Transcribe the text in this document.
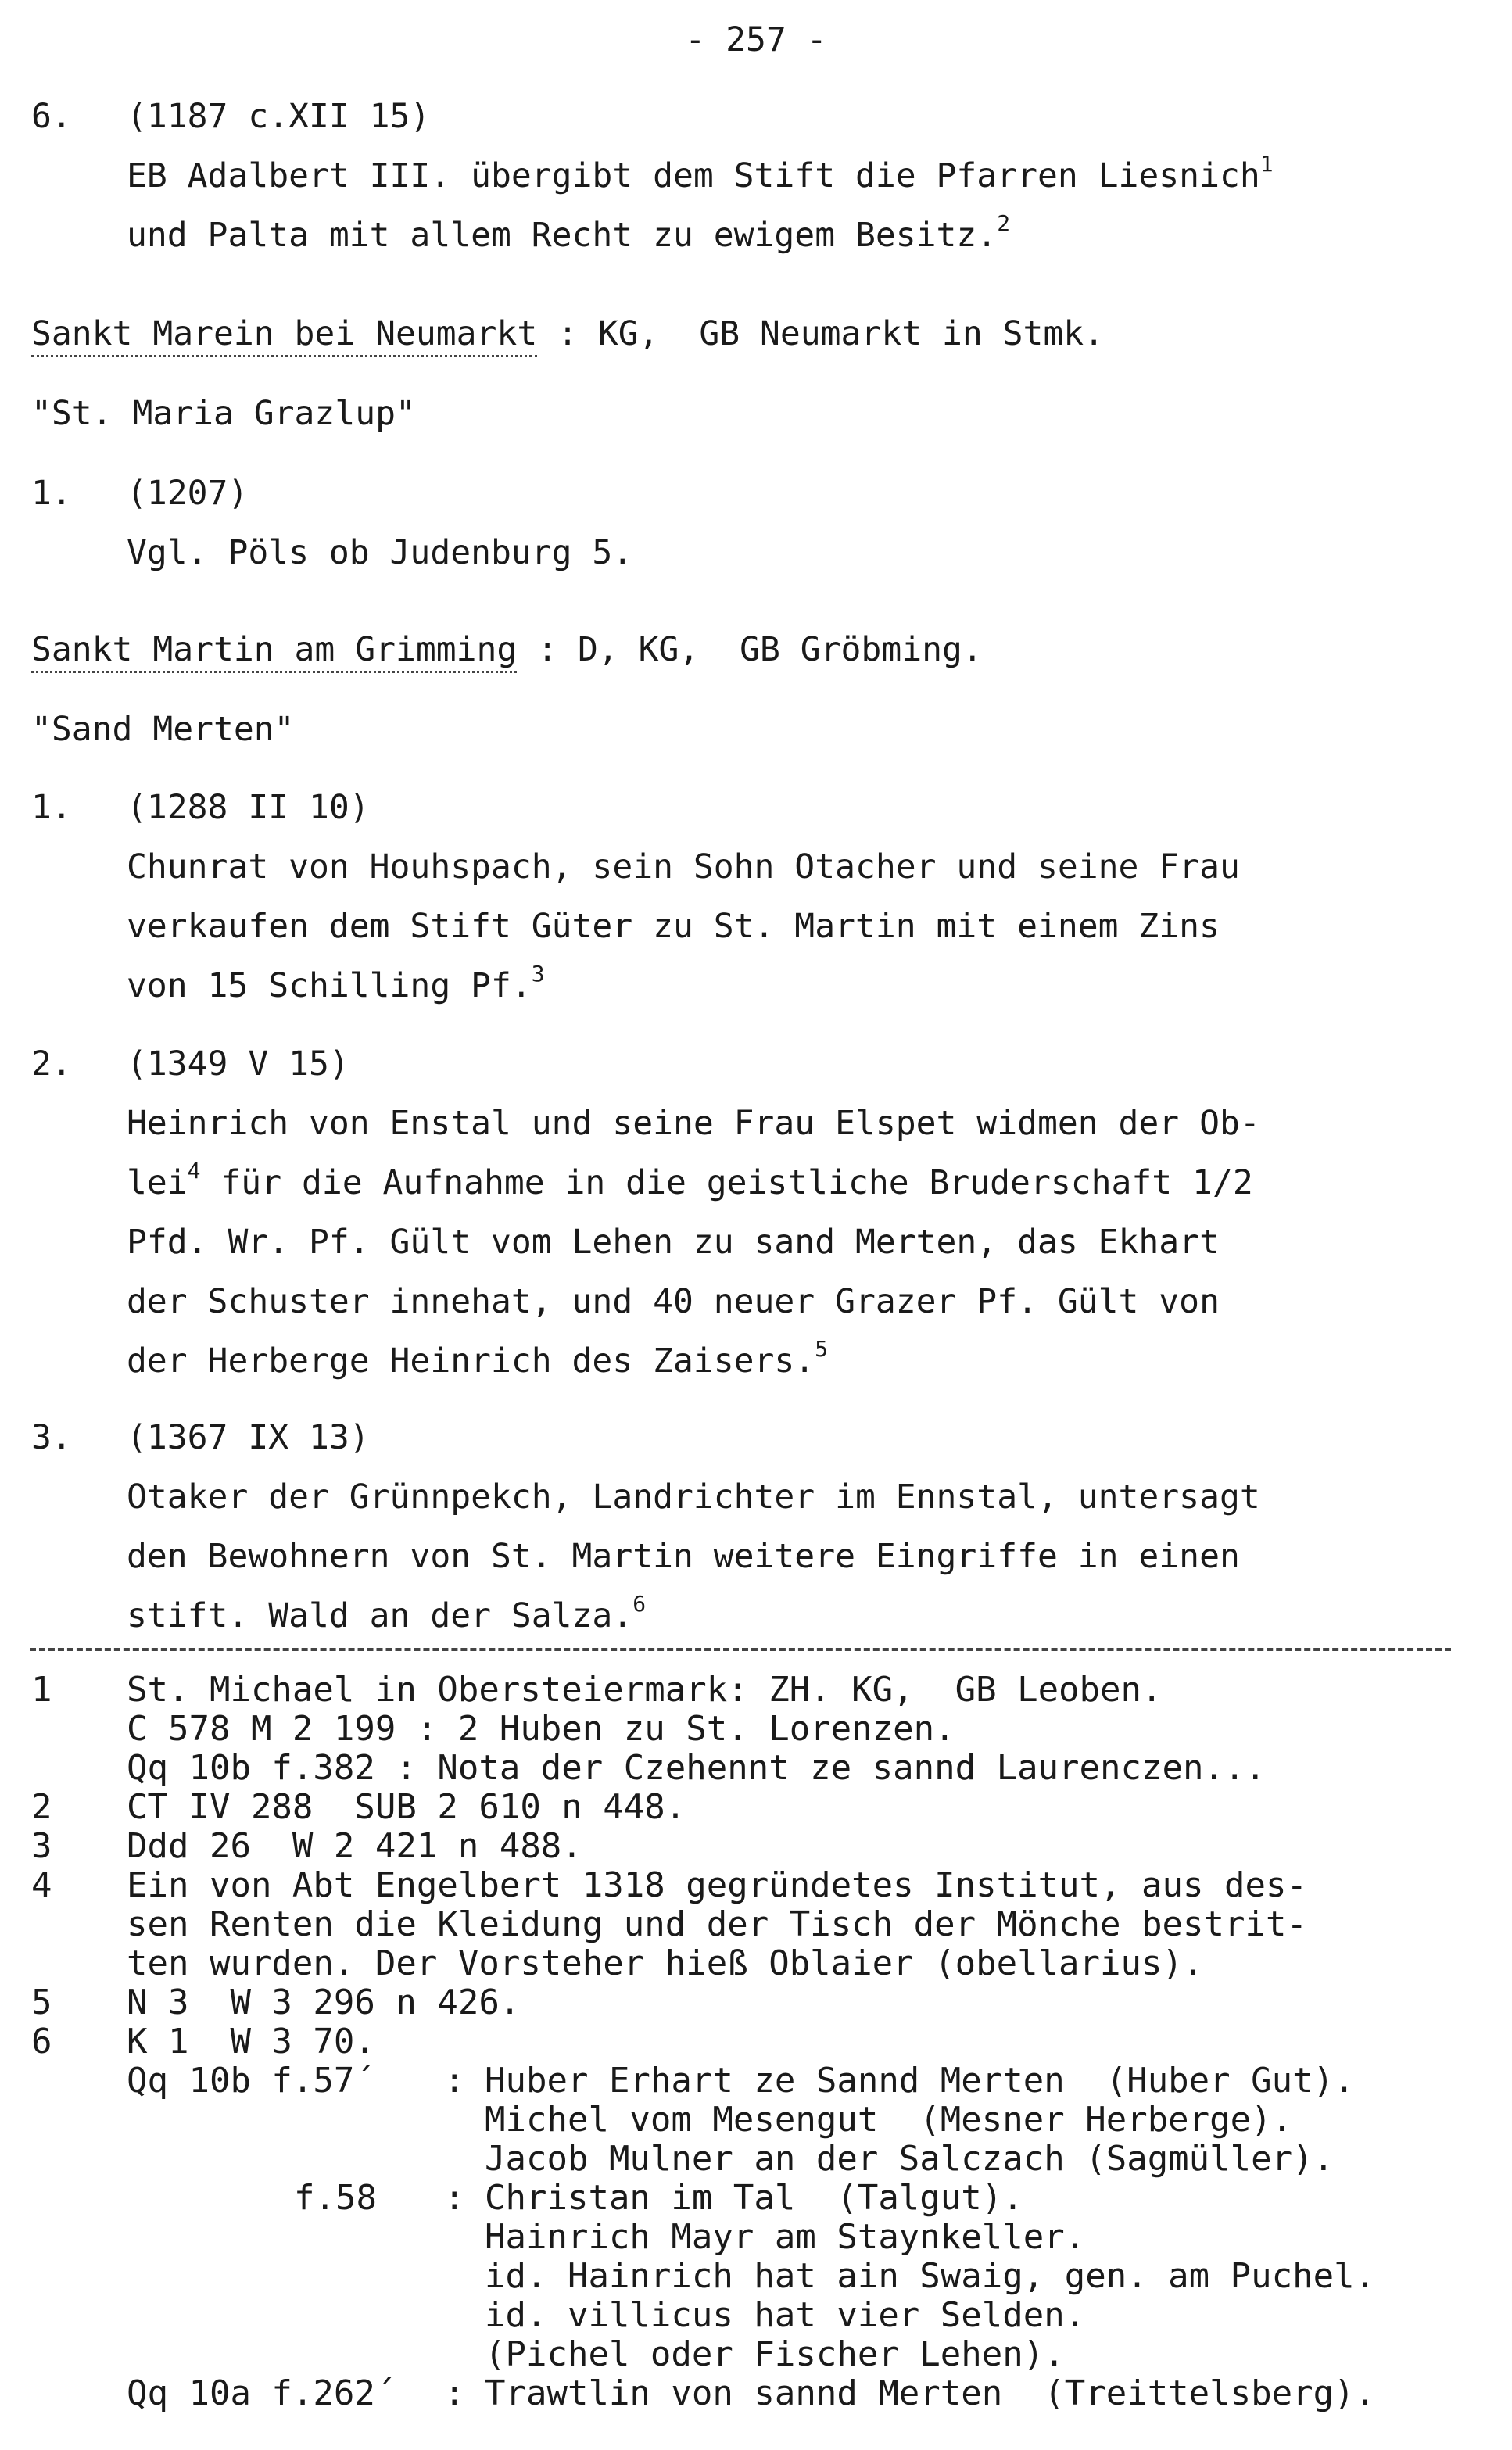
- 257 -
6. (1187 c.XII 15)
EB Adalbert III. übergibt dem Stift die Pfarren Liesnich$^1$
und Palta mit allem Recht zu ewigem Besitz.$^2$
Sankt Marein bei Neumarkt : KG,  GB Neumarkt in Stmk.
"St. Maria Grazlup"
1. (1207)
Vgl. Pöls ob Judenburg 5.
Sankt Martin am Grimming : D, KG,  GB Gröbming.
"Sand Merten"
1. (1288 II 10)
Chunrat von Houhspach, sein Sohn Otacher und seine Frau
verkaufen dem Stift Güter zu St. Martin mit einem Zins
von 15 Schilling Pf.$^3$
2. (1349 V 15)
Heinrich von Enstal und seine Frau Elspet widmen der Ob-
lei$^4$ für die Aufnahme in die geistliche Bruderschaft 1/2
Pfd. Wr. Pf. Gült vom Lehen zu sand Merten, das Ekhart
der Schuster innehat, und 40 neuer Grazer Pf. Gült von
der Herberge Heinrich des Zaisers.$^5$
3. (1367 IX 13)
Otaker der Grünnpekch, Landrichter im Ennstal, untersagt
den Bewohnern von St. Martin weitere Eingriffe in einen
stift. Wald an der Salza.$^6$
1 St. Michael in Obersteiermark: ZH. KG,  GB Leoben.
C 578 M 2 199 : 2 Huben zu St. Lorenzen.
Qq 10b f.382 : Nota der Czehennt ze sannd Laurenczen...
2 CT IV 288  SUB 2 610 n 448.
3 Ddd 26  W 2 421 n 488.
4 Ein von Abt Engelbert 1318 gegründetes Institut, aus des-
sen Renten die Kleidung und der Tisch der Mönche bestrit-
ten wurden. Der Vorsteher hieß Oblaier (obellarius).
5 N 3  W 3 296 n 426.
6 K 1  W 3 70.
Qq 10b f.57´ : Huber Erhart ze Sannd Merten  (Huber Gut).
Michel vom Mesengut  (Mesner Herberge).
Jacob Mulner an der Salczach (Sagmüller).
f.58 : Christan im Tal  (Talgut).
Hainrich Mayr am Staynkeller.
id. Hainrich hat ain Swaig, gen. am Puchel.
id. villicus hat vier Selden.
(Pichel oder Fischer Lehen).
Qq 10a f.262´ : Trawtlin von sannd Merten  (Treittelsberg).
